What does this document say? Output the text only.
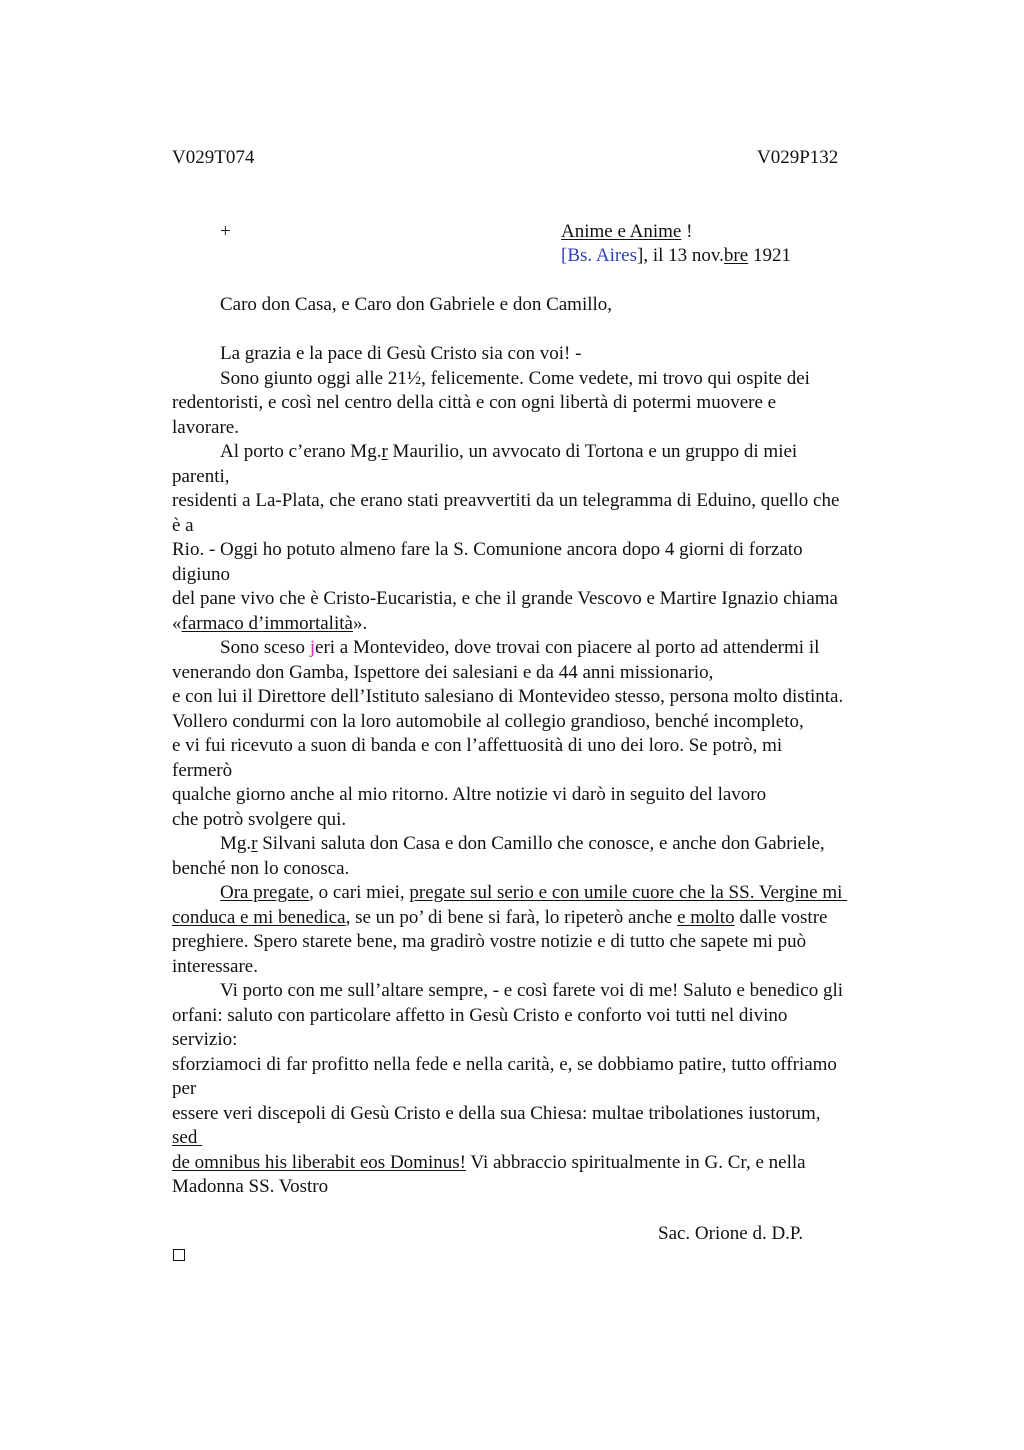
V029T074	V029P132
+	Anime e Anime !
[Bs. Aires], il 13 nov.bre 1921
Caro don Casa, e Caro don Gabriele e don Camillo,
La grazia e la pace di Gesù Cristo sia con voi! -
Sono giunto oggi alle 21½, felicemente. Come vedete, mi trovo qui ospite dei
redentoristi, e così nel centro della città e con ogni libertà di potermi muovere e
lavorare.
Al porto c’erano Mg.r Maurilio, un avvocato di Tortona e un gruppo di miei
parenti,
residenti a La-Plata, che erano stati preavvertiti da un telegramma di Eduino, quello che
è a
Rio. - Oggi ho potuto almeno fare la S. Comunione ancora dopo 4 giorni di forzato
digiuno
del pane vivo che è Cristo-Eucaristia, e che il grande Vescovo e Martire Ignazio chiama
«farmaco d’immortalità».
Sono sceso jeri a Montevideo, dove trovai con piacere al porto ad attendermi il
venerando don Gamba, Ispettore dei salesiani e da 44 anni missionario,
e con lui il Direttore dell’Istituto salesiano di Montevideo stesso, persona molto distinta.
Vollero condurmi con la loro automobile al collegio grandioso, benché incompleto,
e vi fui ricevuto a suon di banda e con l’affettuosità di uno dei loro. Se potrò, mi
fermerò
qualche giorno anche al mio ritorno. Altre notizie vi darò in seguito del lavoro
che potrò svolgere qui.
Mg.r Silvani saluta don Casa e don Camillo che conosce, e anche don Gabriele,
benché non lo conosca.
Ora pregate, o cari miei, pregate sul serio e con umile cuore che la SS. Vergine mi
conduca e mi benedica, se un po’ di bene si farà, lo ripeterò anche e molto dalle vostre
preghiere. Spero starete bene, ma gradirò vostre notizie e di tutto che sapete mi può
interessare.
Vi porto con me sull’altare sempre, - e così farete voi di me! Saluto e benedico gli
orfani: saluto con particolare affetto in Gesù Cristo e conforto voi tutti nel divino
servizio:
sforziamoci di far profitto nella fede e nella carità, e, se dobbiamo patire, tutto offriamo
per
essere veri discepoli di Gesù Cristo e della sua Chiesa: multae tribolationes iustorum,
sed
de omnibus his liberabit eos Dominus! Vi abbraccio spiritualmente in G. Cr, e nella
Madonna SS. Vostro
Sac. Orione d. D.P.
